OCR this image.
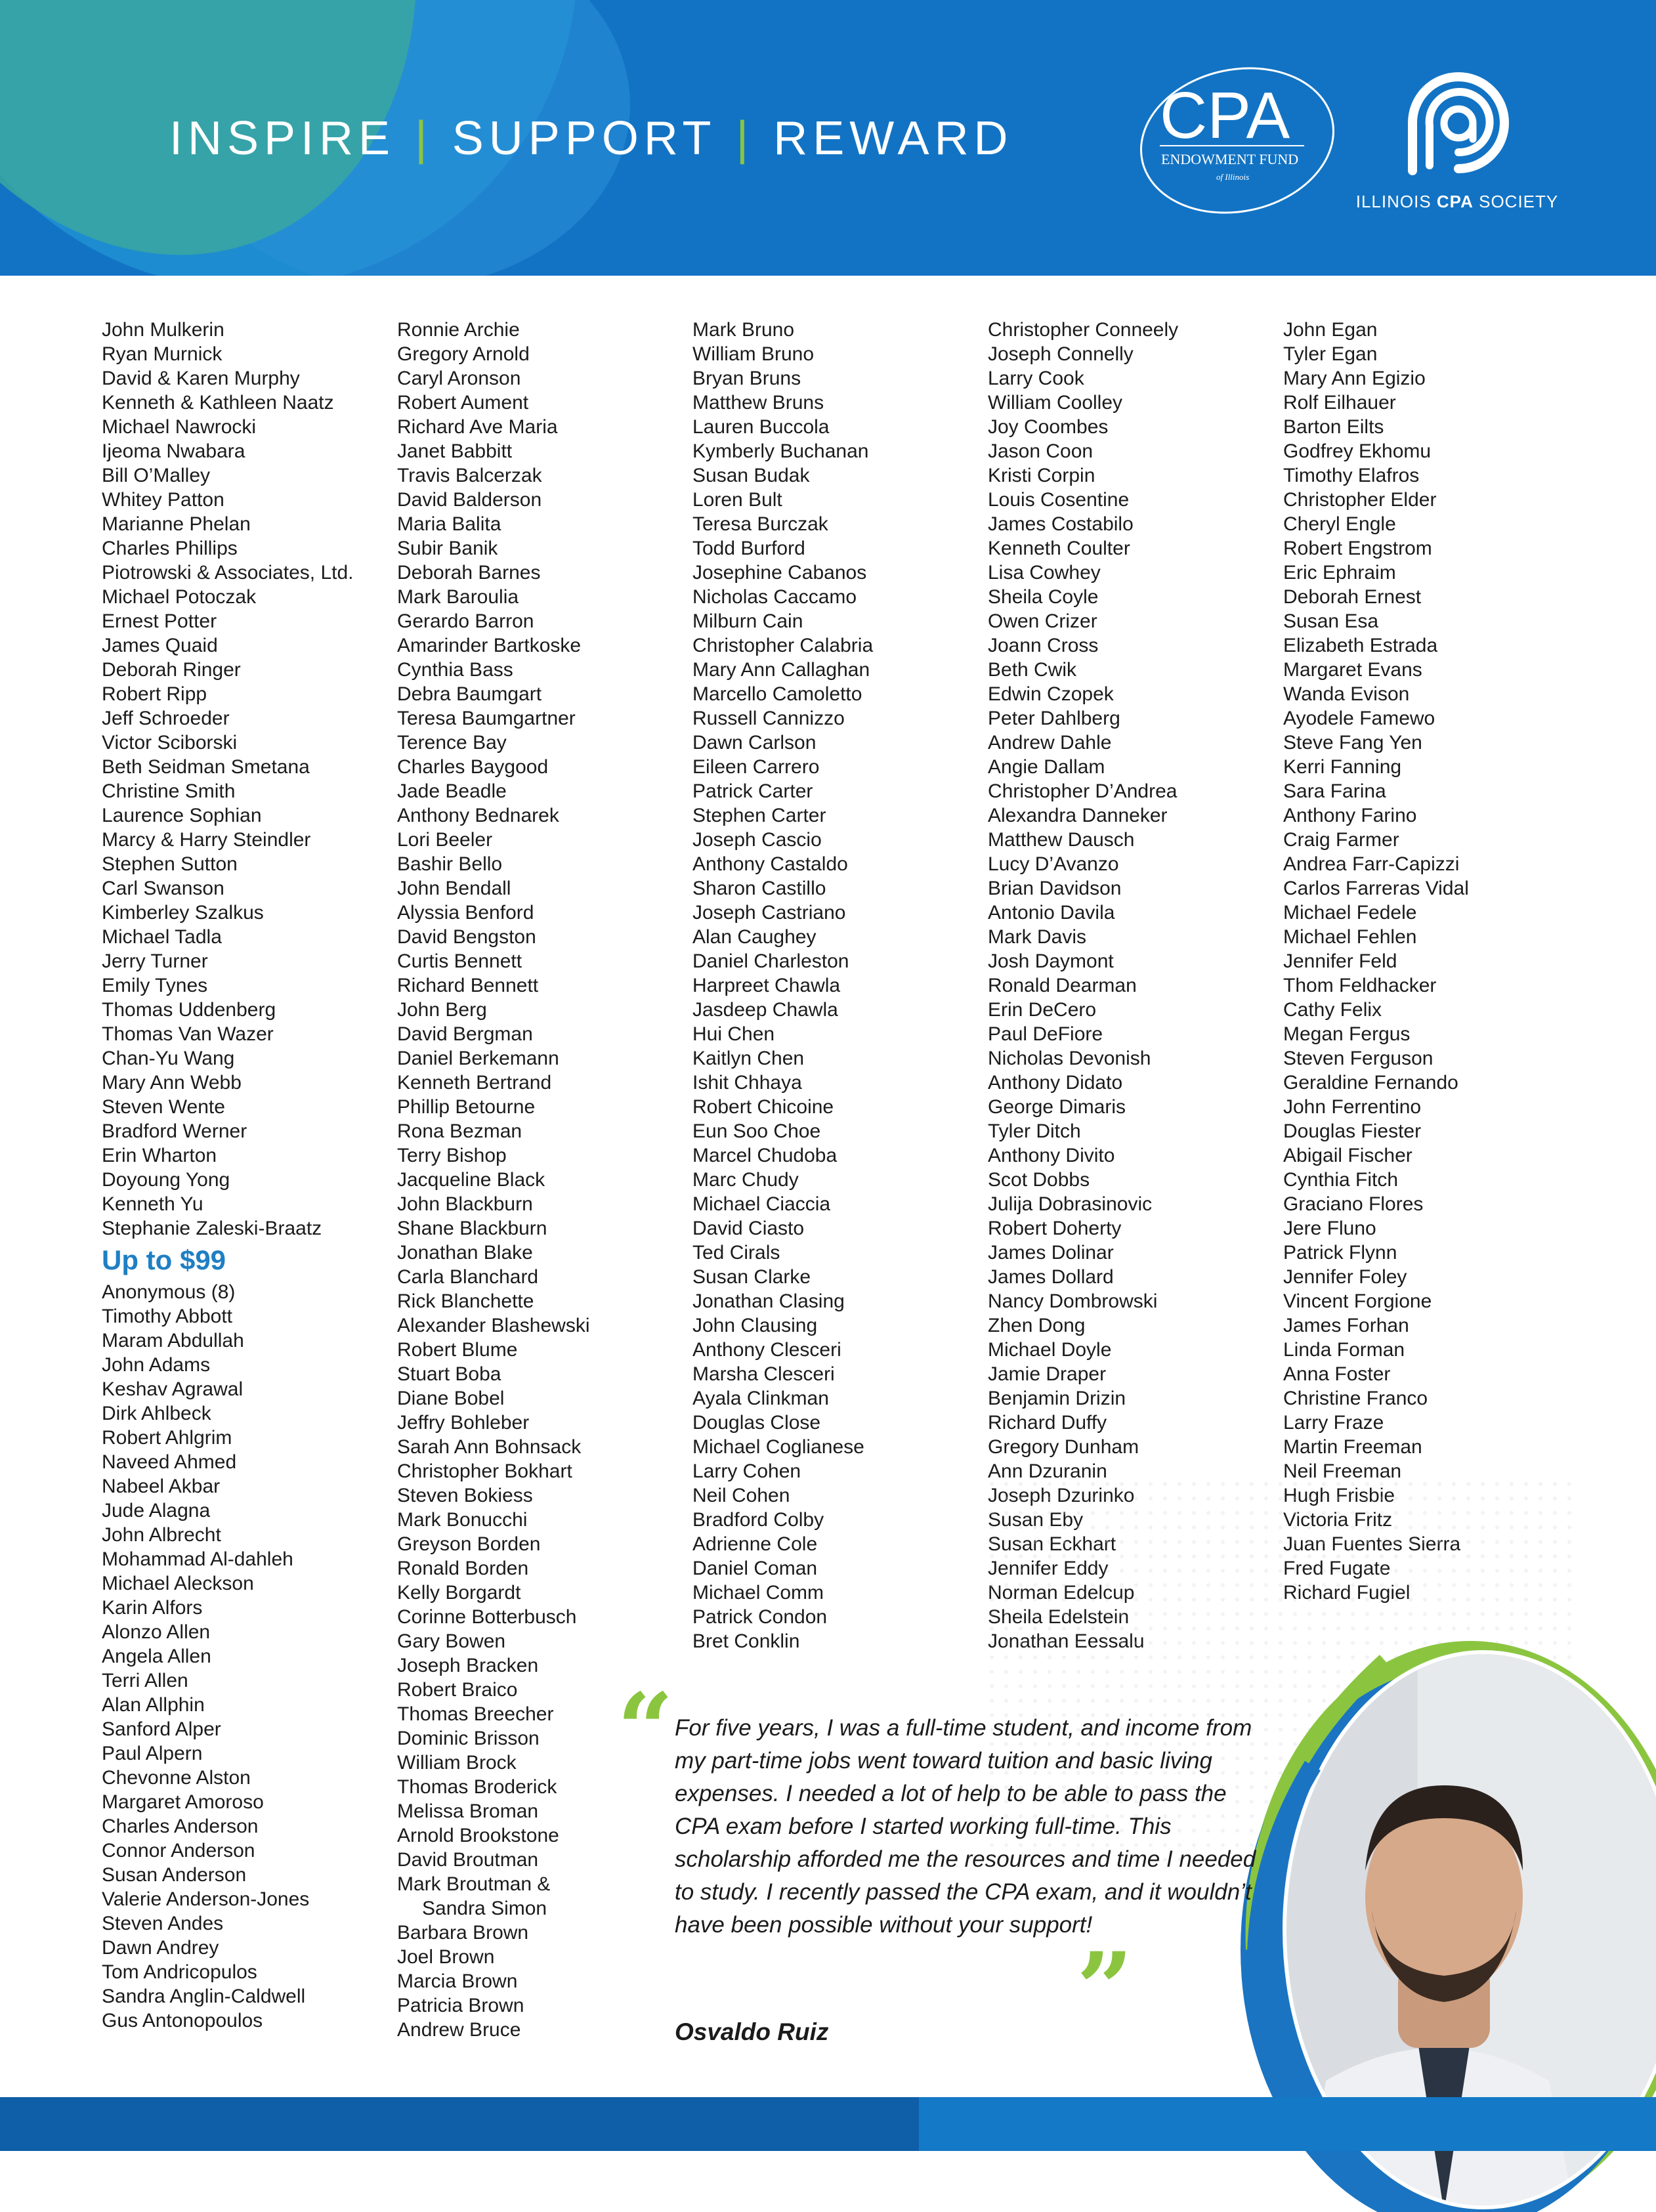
INSPIRE | SUPPORT | REWARD CPA
ENDOWMENT FUND
of Illinois
ILLINOIS CPA SOCIETY
John Mulkerin
Ryan Murnick
David & Karen Murphy
Kenneth & Kathleen Naatz
Michael Nawrocki
Ijeoma Nwabara
Bill O’Malley
Whitey Patton
Marianne Phelan
Charles Phillips
Piotrowski & Associates, Ltd.
Michael Potoczak
Ernest Potter
James Quaid
Deborah Ringer
Robert Ripp
Jeff Schroeder
Victor Sciborski
Beth Seidman Smetana
Christine Smith
Laurence Sophian
Marcy & Harry Steindler
Stephen Sutton
Carl Swanson
Kimberley Szalkus
Michael Tadla
Jerry Turner
Emily Tynes
Thomas Uddenberg
Thomas Van Wazer
Chan-Yu Wang
Mary Ann Webb
Steven Wente
Bradford Werner
Erin Wharton
Doyoung Yong
Kenneth Yu
Stephanie Zaleski-Braatz
Up to $99
Anonymous (8)
Timothy Abbott
Maram Abdullah
John Adams
Keshav Agrawal
Dirk Ahlbeck
Robert Ahlgrim
Naveed Ahmed
Nabeel Akbar
Jude Alagna
John Albrecht
Mohammad Al-dahleh
Michael Aleckson
Karin Alfors
Alonzo Allen
Angela Allen
Terri Allen
Alan Allphin
Sanford Alper
Paul Alpern
Chevonne Alston
Margaret Amoroso
Charles Anderson
Connor Anderson
Susan Anderson
Valerie Anderson-Jones
Steven Andes
Dawn Andrey
Tom Andricopulos
Sandra Anglin-Caldwell
Gus Antonopoulos
Ronnie Archie
Gregory Arnold
Caryl Aronson
Robert Aument
Richard Ave Maria
Janet Babbitt
Travis Balcerzak
David Balderson
Maria Balita
Subir Banik
Deborah Barnes
Mark Baroulia
Gerardo Barron
Amarinder Bartkoske
Cynthia Bass
Debra Baumgart
Teresa Baumgartner
Terence Bay
Charles Baygood
Jade Beadle
Anthony Bednarek
Lori Beeler
Bashir Bello
John Bendall
Alyssia Benford
David Bengston
Curtis Bennett
Richard Bennett
John Berg
David Bergman
Daniel Berkemann
Kenneth Bertrand
Phillip Betourne
Rona Bezman
Terry Bishop
Jacqueline Black
John Blackburn
Shane Blackburn
Jonathan Blake
Carla Blanchard
Rick Blanchette
Alexander Blashewski
Robert Blume
Stuart Boba
Diane Bobel
Jeffry Bohleber
Sarah Ann Bohnsack
Christopher Bokhart
Steven Bokiess
Mark Bonucchi
Greyson Borden
Ronald Borden
Kelly Borgardt
Corinne Botterbusch
Gary Bowen
Joseph Bracken
Robert Braico
Thomas Breecher
Dominic Brisson
William Brock
Thomas Broderick
Melissa Broman
Arnold Brookstone
David Broutman
Mark Broutman &
Sandra Simon
Barbara Brown
Joel Brown
Marcia Brown
Patricia Brown
Andrew Bruce
Mark Bruno
William Bruno
Bryan Bruns
Matthew Bruns
Lauren Buccola
Kymberly Buchanan
Susan Budak
Loren Bult
Teresa Burczak
Todd Burford
Josephine Cabanos
Nicholas Caccamo
Milburn Cain
Christopher Calabria
Mary Ann Callaghan
Marcello Camoletto
Russell Cannizzo
Dawn Carlson
Eileen Carrero
Patrick Carter
Stephen Carter
Joseph Cascio
Anthony Castaldo
Sharon Castillo
Joseph Castriano
Alan Caughey
Daniel Charleston
Harpreet Chawla
Jasdeep Chawla
Hui Chen
Kaitlyn Chen
Ishit Chhaya
Robert Chicoine
Eun Soo Choe
Marcel Chudoba
Marc Chudy
Michael Ciaccia
David Ciasto
Ted Cirals
Susan Clarke
Jonathan Clasing
John Clausing
Anthony Clesceri
Marsha Clesceri
Ayala Clinkman
Douglas Close
Michael Coglianese
Larry Cohen
Neil Cohen
Bradford Colby
Adrienne Cole
Daniel Coman
Michael Comm
Patrick Condon
Bret Conklin
Christopher Conneely
Joseph Connelly
Larry Cook
William Coolley
Joy Coombes
Jason Coon
Kristi Corpin
Louis Cosentine
James Costabilo
Kenneth Coulter
Lisa Cowhey
Sheila Coyle
Owen Crizer
Joann Cross
Beth Cwik
Edwin Czopek
Peter Dahlberg
Andrew Dahle
Angie Dallam
Christopher D’Andrea
Alexandra Danneker
Matthew Dausch
Lucy D’Avanzo
Brian Davidson
Antonio Davila
Mark Davis
Josh Daymont
Ronald Dearman
Erin DeCero
Paul DeFiore
Nicholas Devonish
Anthony Didato
George Dimaris
Tyler Ditch
Anthony Divito
Scot Dobbs
Julija Dobrasinovic
Robert Doherty
James Dolinar
James Dollard
Nancy Dombrowski
Zhen Dong
Michael Doyle
Jamie Draper
Benjamin Drizin
Richard Duffy
Gregory Dunham
Ann Dzuranin
Joseph Dzurinko
Susan Eby
Susan Eckhart
Jennifer Eddy
Norman Edelcup
Sheila Edelstein
Jonathan Eessalu
John Egan
Tyler Egan
Mary Ann Egizio
Rolf Eilhauer
Barton Eilts
Godfrey Ekhomu
Timothy Elafros
Christopher Elder
Cheryl Engle
Robert Engstrom
Eric Ephraim
Deborah Ernest
Susan Esa
Elizabeth Estrada
Margaret Evans
Wanda Evison
Ayodele Famewo
Steve Fang Yen
Kerri Fanning
Sara Farina
Anthony Farino
Craig Farmer
Andrea Farr-Capizzi
Carlos Farreras Vidal
Michael Fedele
Michael Fehlen
Jennifer Feld
Thom Feldhacker
Cathy Felix
Megan Fergus
Steven Ferguson
Geraldine Fernando
John Ferrentino
Douglas Fiester
Abigail Fischer
Cynthia Fitch
Graciano Flores
Jere Fluno
Patrick Flynn
Jennifer Foley
Vincent Forgione
James Forhan
Linda Forman
Anna Foster
Christine Franco
Larry Fraze
Martin Freeman
Neil Freeman
Hugh Frisbie
Victoria Fritz
Juan Fuentes Sierra
Fred Fugate
Richard Fugiel
“ For five years, I was a full-time student, and income from my part-time jobs went toward tuition and basic living expenses. I needed a lot of help to be able to pass the CPA exam before I started working full-time. This scholarship afforded me the resources and time I needed to study. I recently passed the CPA exam, and it wouldn’t have been possible without your support!
”
Osvaldo Ruiz
